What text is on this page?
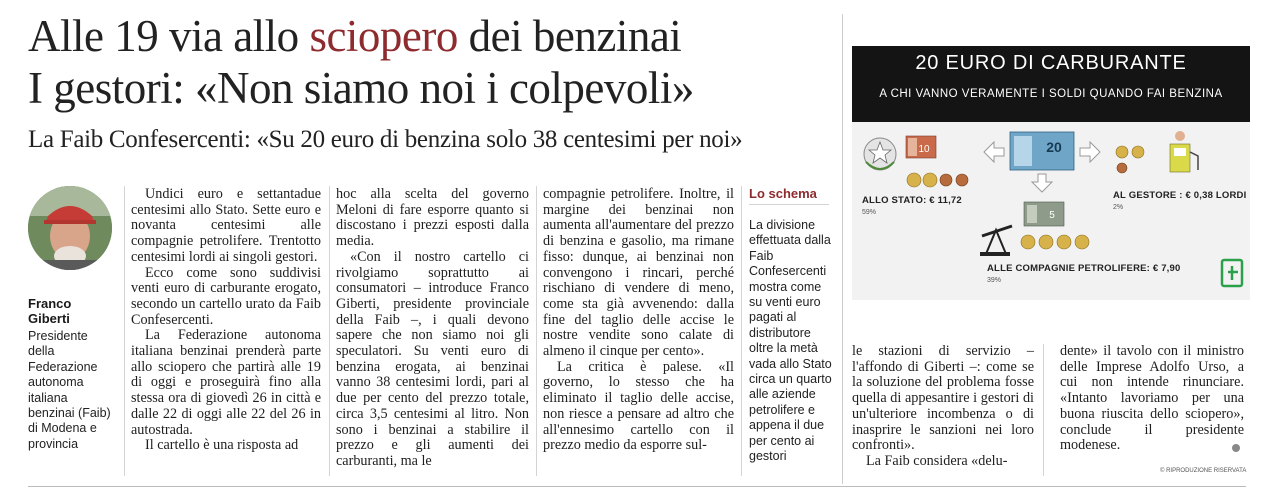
Alle 19 via allo sciopero dei benzinai
I gestori: «Non siamo noi i colpevoli»
La Faib Confesercenti: «Su 20 euro di benzina solo 38 centesimi per noi»
Franco Giberti
Presidente della Federazione autonoma italiana benzinai (Faib) di Modena e provincia

Undici euro e settantadue centesimi allo Stato. Sette euro e novanta centesimi alle compagnie petrolifere. Trentotto centesimi lordi ai singoli gestori.

Ecco come sono suddivisi venti euro di carburante erogato, secondo un cartello urato da Faib Confesercenti.

La Federazione autonoma italiana benzinai prenderà parte allo sciopero che partirà alle 19 di oggi e proseguirà fino alla stessa ora di giovedì 26 in città e dalle 22 di oggi alle 22 del 26 in autostrada.

Il cartello è una risposta ad

hoc alla scelta del governo Meloni di fare esporre quanto si discostano i prezzi esposti dalla media.

«Con il nostro cartello ci rivolgiamo soprattutto ai consumatori – introduce Franco Giberti, presidente provinciale della Faib –, i quali devono sapere che non siamo noi gli speculatori. Su venti euro di benzina erogata, ai benzinai vanno 38 centesimi lordi, pari al due per cento del prezzo totale, circa 3,5 centesimi al litro. Non sono i benzinai a stabilire il prezzo e gli aumenti dei carburanti, ma le

compagnie petrolifere. Inoltre, il margine dei benzinai non aumenta all'aumentare del prezzo di benzina e gasolio, ma rimane fisso: dunque, ai benzinai non convengono i rincari, perché rischiano di vendere di meno, come sta già avvenendo: dalla fine del taglio delle accise le nostre vendite sono calate di almeno il cinque per cento».

La critica è palese. «Il governo, lo stesso che ha eliminato il taglio delle accise, non riesce a pensare ad altro che all'ennesimo cartello con il prezzo medio da esporre sul-

Lo schema
La divisione effettuata dalla Faib Confesercenti mostra come su venti euro pagati al distributore oltre la metà vada allo Stato circa un quarto alle aziende petrolifere e appena il due per cento ai gestori
20 EURO DI CARBURANTE
A CHI VANNO VERAMENTE I SOLDI QUANDO FAI BENZINA
10	20
5
ALLO STATO: € 11,72
59%
AL GESTORE : € 0,38 LORDI
2%
ALLE COMPAGNIE PETROLIFERE: € 7,90
39%

le stazioni di servizio – l'affondo di Giberti –: come se la soluzione del problema fosse quella di appesantire i gestori di un'ulteriore incombenza o di inasprire le sanzioni nei loro confronti».

La Faib considera «delu-

dente» il tavolo con il ministro delle Imprese Adolfo Urso, a cui non intende rinunciare. «Intanto lavoriamo per una buona riuscita dello sciopero», conclude il presidente modenese.

© RIPRODUZIONE RISERVATA
